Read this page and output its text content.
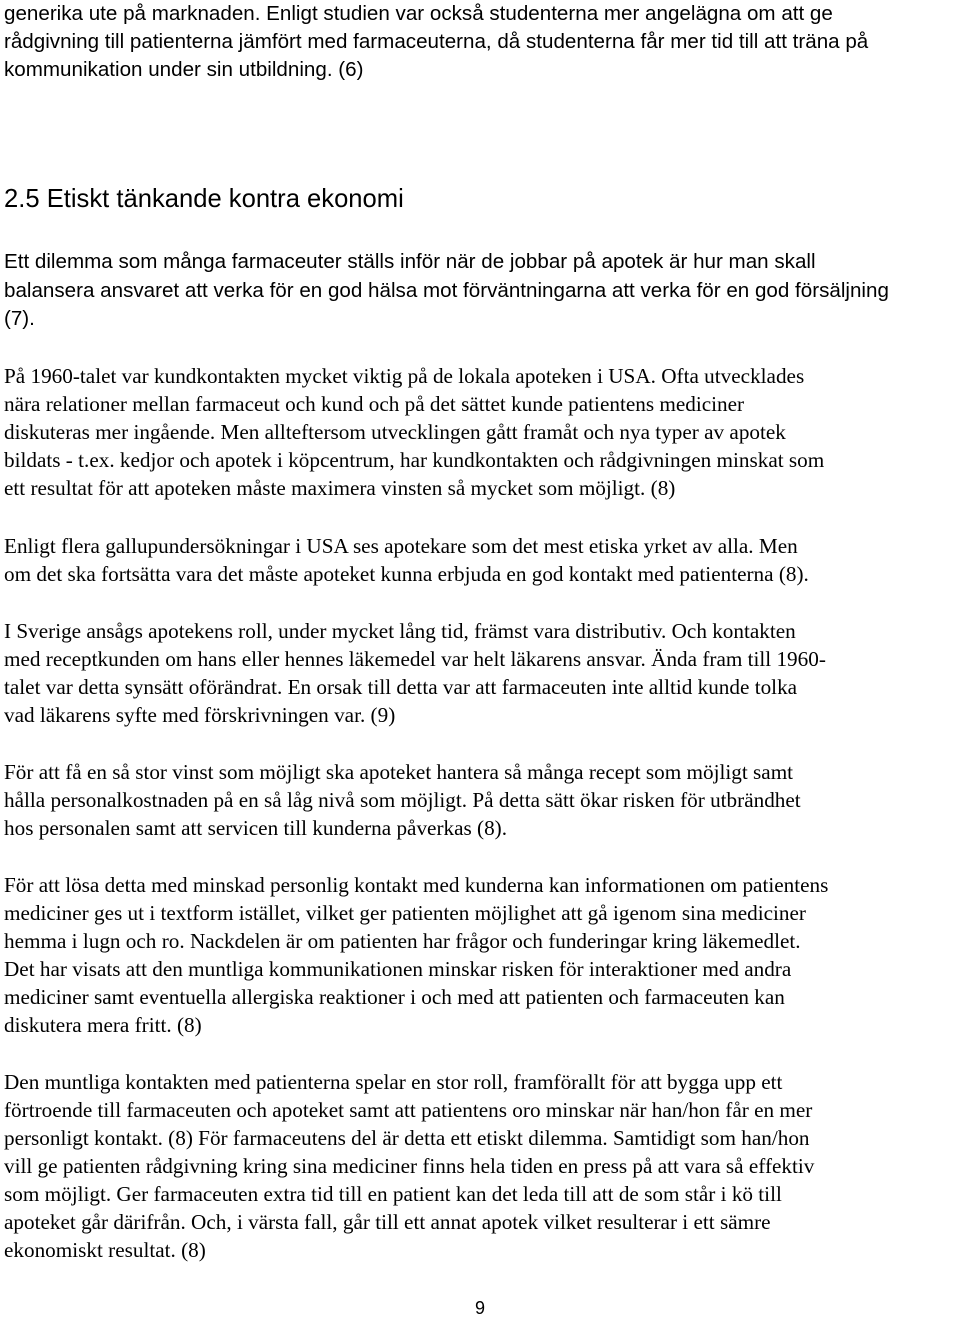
generika ute på marknaden. Enligt studien var också studenterna mer angelägna om att ge
rådgivning till patienterna jämfört med farmaceuterna, då studenterna får mer tid till att träna på
kommunikation under sin utbildning. (6)
2.5 Etiskt tänkande kontra ekonomi
Ett dilemma som många farmaceuter ställs inför när de jobbar på apotek är hur man skall
balansera ansvaret att verka för en god hälsa mot förväntningarna att verka för en god försäljning
(7).
På 1960-talet var kundkontakten mycket viktig på de lokala apoteken i USA. Ofta utvecklades
nära relationer mellan farmaceut och kund och på det sättet kunde patientens mediciner
diskuteras mer ingående. Men allteftersom utvecklingen gått framåt och nya typer av apotek
bildats - t.ex. kedjor och apotek i köpcentrum, har kundkontakten och rådgivningen minskat som
ett resultat för att apoteken måste maximera vinsten så mycket som möjligt. (8)
Enligt flera gallupundersökningar i USA ses apotekare som det mest etiska yrket av alla. Men
om det ska fortsätta vara det måste apoteket kunna erbjuda en god kontakt med patienterna (8).
I Sverige ansågs apotekens roll, under mycket lång tid, främst vara distributiv. Och kontakten
med receptkunden om hans eller hennes läkemedel var helt läkarens ansvar. Ända fram till 1960-
talet var detta synsätt oförändrat. En orsak till detta var att farmaceuten inte alltid kunde tolka
vad läkarens syfte med förskrivningen var. (9)
För att få en så stor vinst som möjligt ska apoteket hantera så många recept som möjligt samt
hålla personalkostnaden på en så låg nivå som möjligt. På detta sätt ökar risken för utbrändhet
hos personalen samt att servicen till kunderna påverkas (8).
För att lösa detta med minskad personlig kontakt med kunderna kan informationen om patientens
mediciner ges ut i textform istället, vilket ger patienten möjlighet att gå igenom sina mediciner
hemma i lugn och ro. Nackdelen är om patienten har frågor och funderingar kring läkemedlet.
Det har visats att den muntliga kommunikationen minskar risken för interaktioner med andra
mediciner samt eventuella allergiska reaktioner i och med att patienten och farmaceuten kan
diskutera mera fritt. (8)
Den muntliga kontakten med patienterna spelar en stor roll, framförallt för att bygga upp ett
förtroende till farmaceuten och apoteket samt att patientens oro minskar när han/hon får en mer
personligt kontakt. (8) För farmaceutens del är detta ett etiskt dilemma. Samtidigt som han/hon
vill ge patienten rådgivning kring sina mediciner finns hela tiden en press på att vara så effektiv
som möjligt. Ger farmaceuten extra tid till en patient kan det leda till att de som står i kö till
apoteket går därifrån. Och, i värsta fall, går till ett annat apotek vilket resulterar i ett sämre
ekonomiskt resultat. (8)
9
